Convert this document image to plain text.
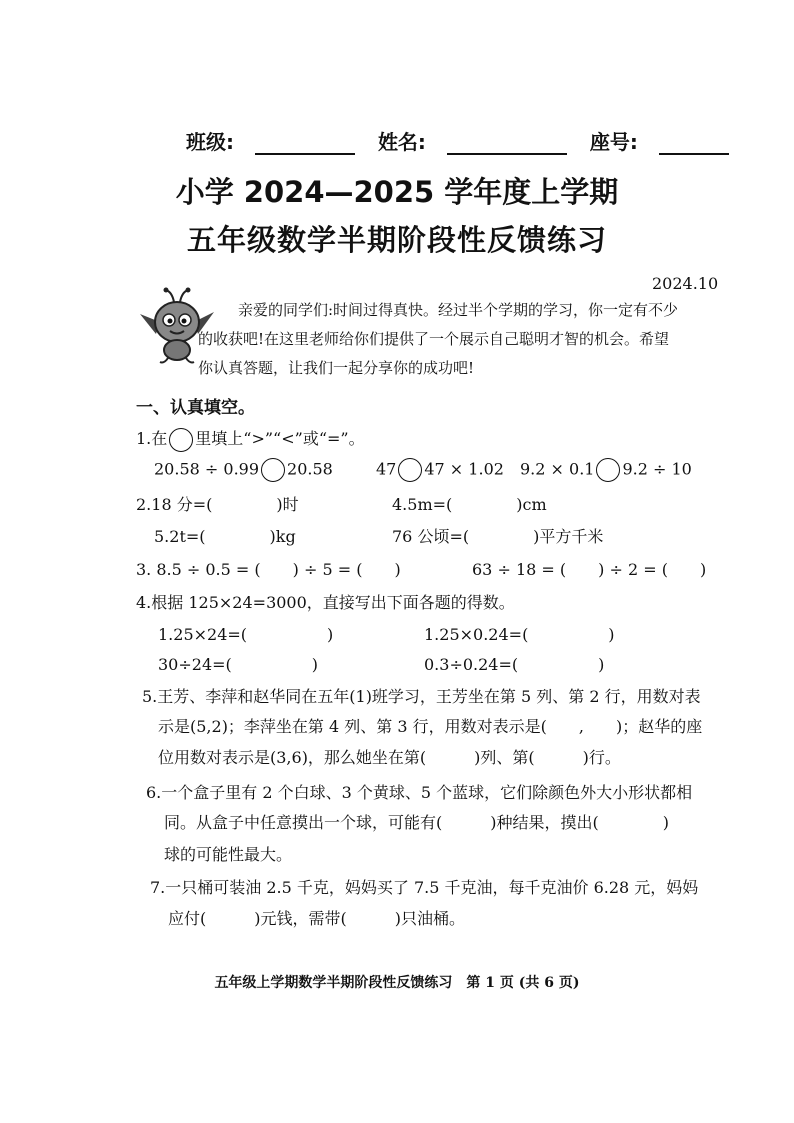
班级:	姓名:	座号:
小学 2024—2025 学年度上学期
五年级数学半期阶段性反馈练习
2024.10

亲爱的同学们:时间过得真快。经过半个学期的学习，你一定有不少

的收获吧!在这里老师给你们提供了一个展示自己聪明才智的机会。希望

你认真答题，让我们一起分享你的成功吧!

一、认真填空。
1.在 里填上“>”“<”或“=”。
20.58 ÷ 0.99 20.58	47 47 × 1.02 9.2 × 0.1 9.2 ÷ 10
2.18 分=(　　　　)时	4.5m=(　　　　)cm
5.2t=(　　　　)kg	76 公顷=(　　　　)平方千米
3. 8.5 ÷ 0.5 = (　　) ÷ 5 = (　　)	63 ÷ 18 = (　　) ÷ 2 = (　　)
4.根据 125×24=3000，直接写出下面各题的得数。
1.25×24=(　　　　　)	1.25×0.24=(　　　　　)
30÷24=(　　　　　)	0.3÷0.24=(　　　　　)
5.王芳、李萍和赵华同在五年(1)班学习，王芳坐在第 5 列、第 2 行，用数对表
示是(5,2)；李萍坐在第 4 列、第 3 行，用数对表示是(　　,　　)；赵华的座
位用数对表示是(3,6)，那么她坐在第(　　　)列、第(　　　)行。
6.一个盒子里有 2 个白球、3 个黄球、5 个蓝球，它们除颜色外大小形状都相
同。从盒子中任意摸出一个球，可能有(　　　)种结果，摸出(　　　　)
球的可能性最大。
7.一只桶可装油 2.5 千克，妈妈买了 7.5 千克油，每千克油价 6.28 元，妈妈
应付(　　　)元钱，需带(　　　)只油桶。
五年级上学期数学半期阶段性反馈练习　第 1 页 (共 6 页)
